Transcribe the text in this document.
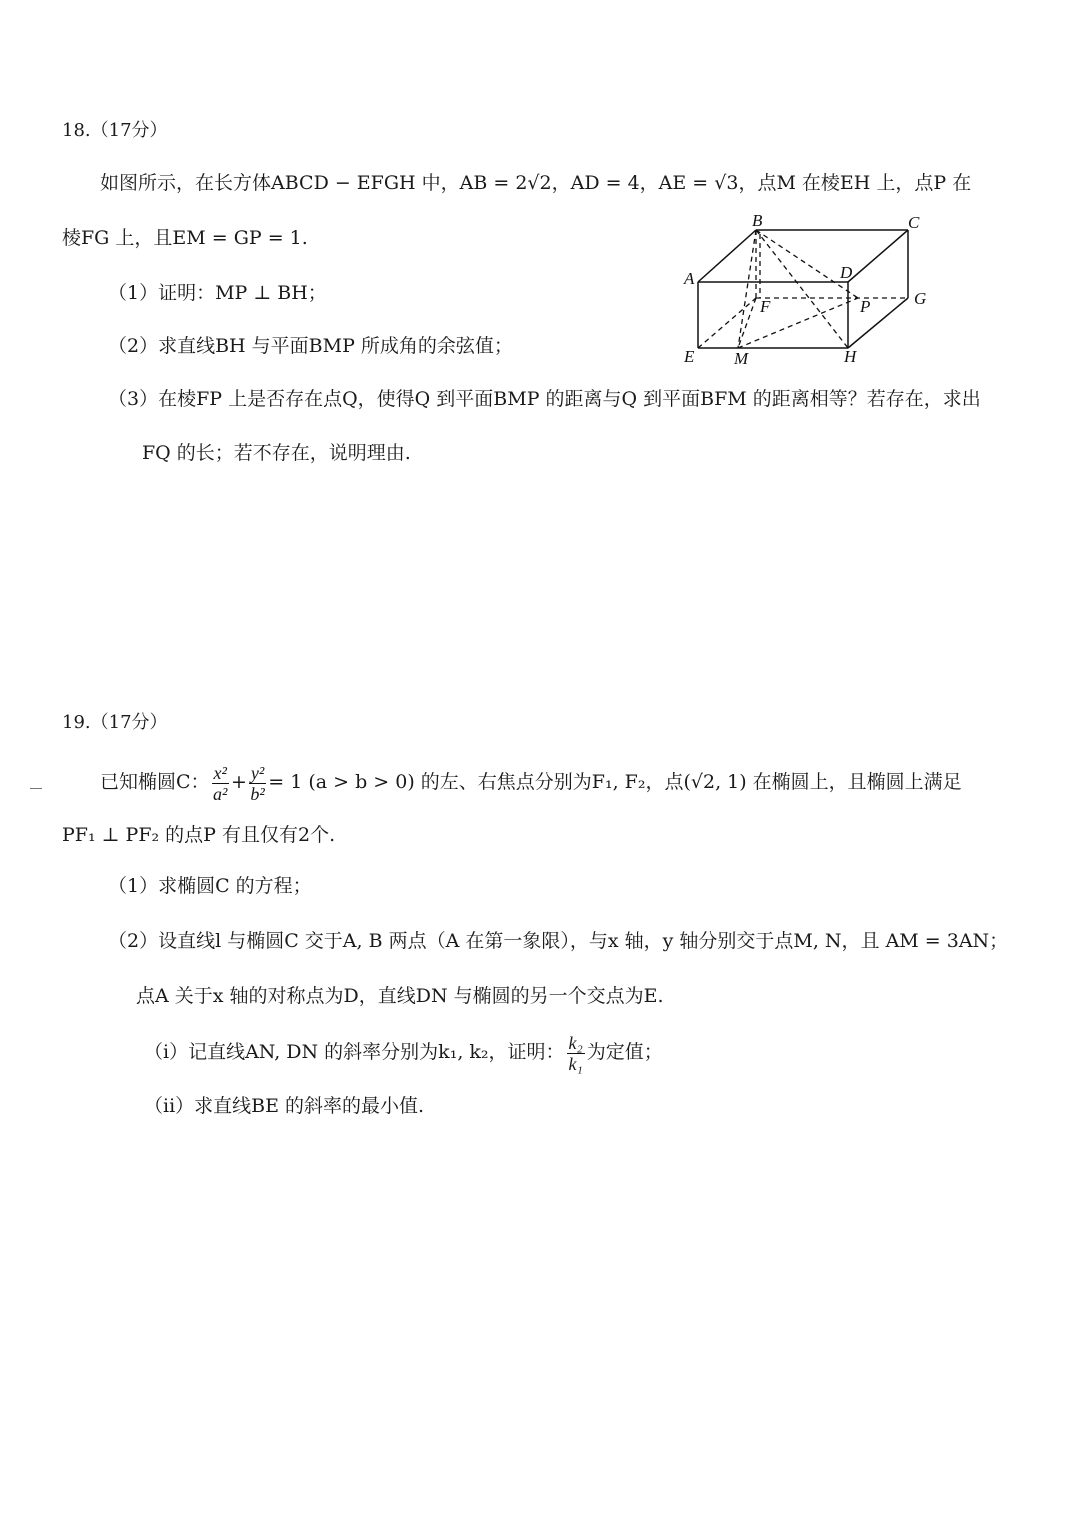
18.（17分）
如图所示，在长方体ABCD − EFGH 中，AB = 2√2，AD = 4，AE = √3，点M 在棱EH 上，点P 在
棱FG 上，且EM = GP = 1.
（1）证明：MP ⊥ BH；
（2）求直线BH 与平面BMP 所成角的余弦值；
（3）在棱FP 上是否存在点Q，使得Q 到平面BMP 的距离与Q 到平面BFM 的距离相等？若存在，求出
FQ 的长；若不存在，说明理由.
B	C
A	D
F	P	G
E M	H
19.（17分）
已知椭圆C： $\frac{\text{x²}}{\text{a²}} + \frac{\text{y²}}{\text{b²}} = 1$ (a > b > 0) 的左、右焦点分别为F₁, F₂，点(√2, 1) 在椭圆上，且椭圆上满足
PF₁ ⊥ PF₂ 的点P 有且仅有2个.
（1）求椭圆C 的方程；
（2）设直线l 与椭圆C 交于A, B 两点（A 在第一象限），与x 轴，y 轴分别交于点M, N，且 AM = 3AN；
点A 关于x 轴的对称点为D，直线DN 与椭圆的另一个交点为E.
（i）记直线AN, DN 的斜率分别为k₁, k₂，证明： $\frac{\text{k₂}}{\text{k₁}}$ 为定值；
（ii）求直线BE 的斜率的最小值.
